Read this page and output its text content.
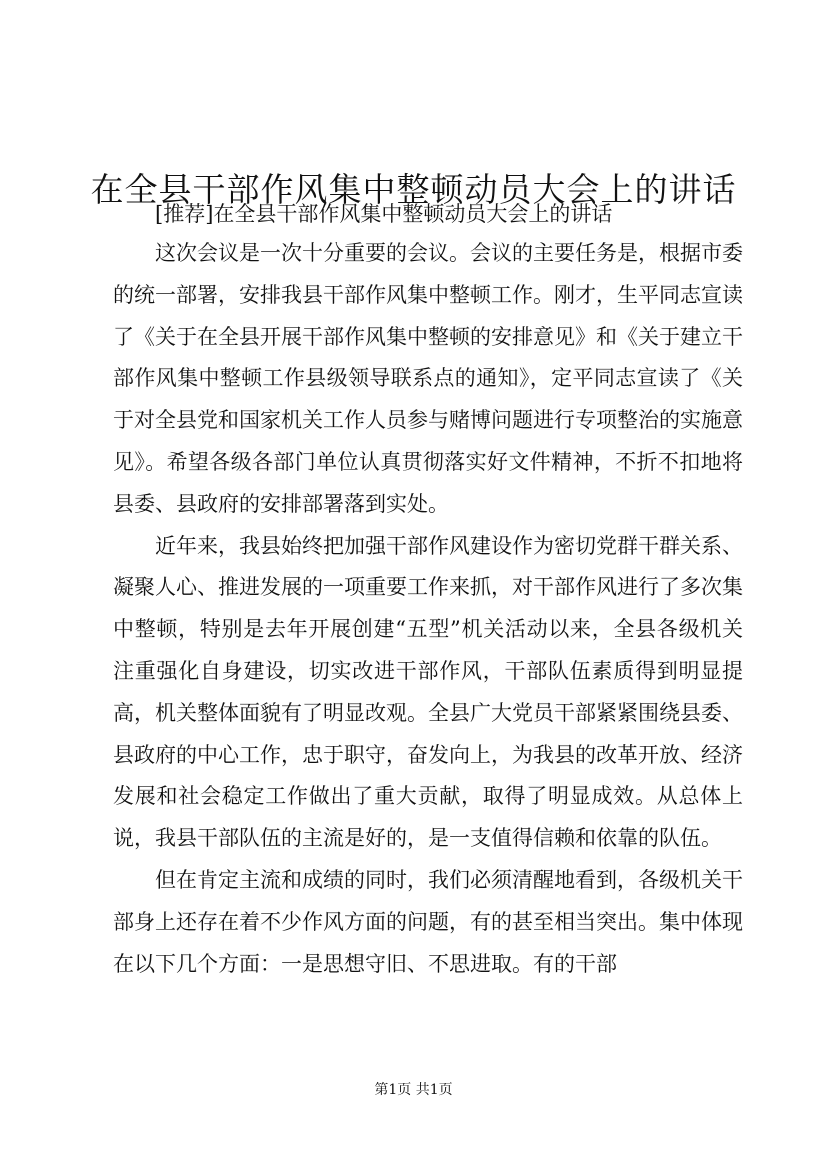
在全县干部作风集中整顿动员大会上的讲话

[推荐]在全县干部作风集中整顿动员大会上的讲话

这次会议是一次十分重要的会议。会议的主要任务是，根据市委的统一部署，安排我县干部作风集中整顿工作。刚才，生平同志宣读了《关于在全县开展干部作风集中整顿的安排意见》和《关于建立干部作风集中整顿工作县级领导联系点的通知》，定平同志宣读了《关于对全县党和国家机关工作人员参与赌博问题进行专项整治的实施意见》。希望各级各部门单位认真贯彻落实好文件精神，不折不扣地将县委、县政府的安排部署落到实处。

近年来，我县始终把加强干部作风建设作为密切党群干群关系、凝聚人心、推进发展的一项重要工作来抓，对干部作风进行了多次集中整顿，特别是去年开展创建“五型”机关活动以来，全县各级机关注重强化自身建设，切实改进干部作风，干部队伍素质得到明显提高，机关整体面貌有了明显改观。全县广大党员干部紧紧围绕县委、县政府的中心工作，忠于职守，奋发向上，为我县的改革开放、经济发展和社会稳定工作做出了重大贡献，取得了明显成效。从总体上说，我县干部队伍的主流是好的，是一支值得信赖和依靠的队伍。

但在肯定主流和成绩的同时，我们必须清醒地看到，各级机关干部身上还存在着不少作风方面的问题，有的甚至相当突出。集中体现在以下几个方面：一是思想守旧、不思进取。有的干部

第1页 共1页
